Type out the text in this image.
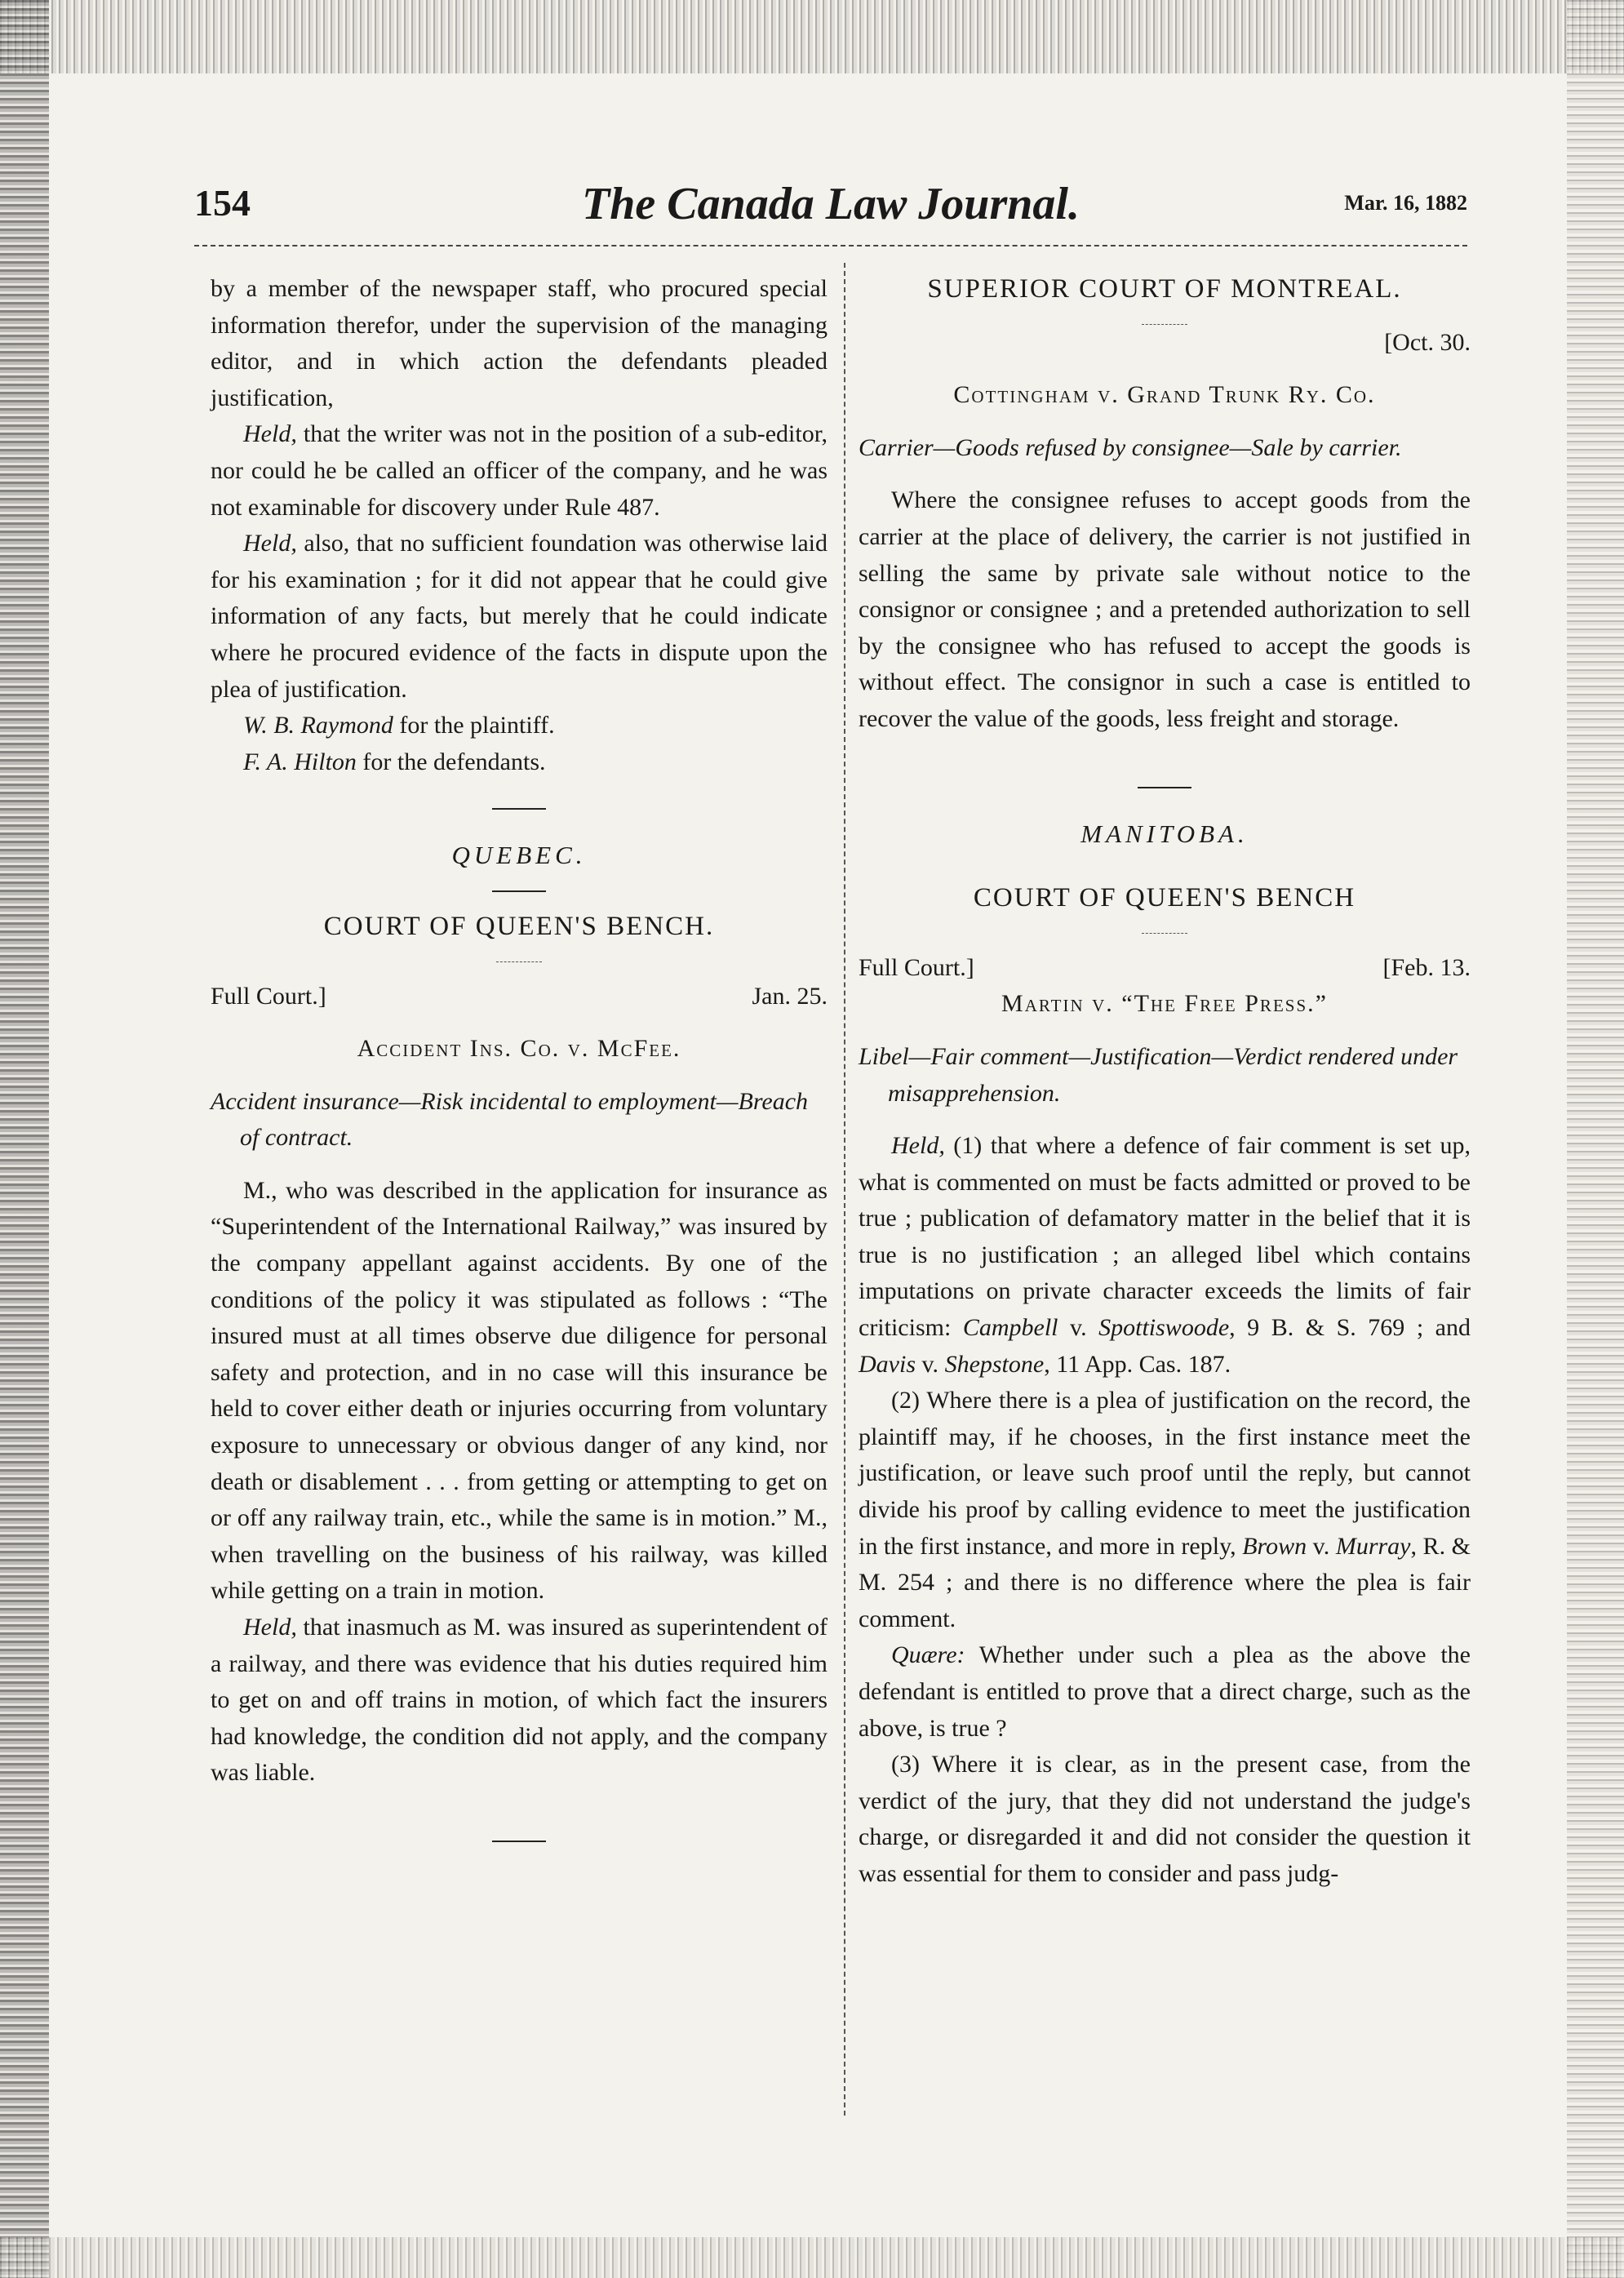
154	The Canada Law Journal.	Mar. 16, 1882

by a member of the newspaper staff, who procured special information therefor, under the supervision of the managing editor, and in which action the defendants pleaded justification,

Held, that the writer was not in the position of a sub-editor, nor could he be called an officer of the company, and he was not examinable for discovery under Rule 487.

Held, also, that no sufficient foundation was otherwise laid for his examination ; for it did not appear that he could give information of any facts, but merely that he could indicate where he procured evidence of the facts in dispute upon the plea of justification.

W. B. Raymond for the plaintiff.

F. A. Hilton for the defendants.

QUEBEC.

COURT OF QUEEN'S BENCH.

Full Court.]	Jan. 25.

Accident Ins. Co. v. McFee.

Accident insurance—Risk incidental to employment—Breach of contract.

M., who was described in the application for insurance as “Superintendent of the International Railway,” was insured by the company appellant against accidents. By one of the conditions of the policy it was stipulated as follows : “The insured must at all times observe due diligence for personal safety and protection, and in no case will this insurance be held to cover either death or injuries occurring from voluntary exposure to unnecessary or obvious danger of any kind, nor death or disablement . . . from getting or attempting to get on or off any railway train, etc., while the same is in motion.” M., when travelling on the business of his railway, was killed while getting on a train in motion.

Held, that inasmuch as M. was insured as superintendent of a railway, and there was evidence that his duties required him to get on and off trains in motion, of which fact the insurers had knowledge, the condition did not apply, and the company was liable.

SUPERIOR COURT OF MONTREAL.

[Oct. 30.

Cottingham v. Grand Trunk Ry. Co.

Carrier—Goods refused by consignee—Sale by carrier.

Where the consignee refuses to accept goods from the carrier at the place of delivery, the carrier is not justified in selling the same by private sale without notice to the consignor or consignee ; and a pretended authorization to sell by the consignee who has refused to accept the goods is without effect. The consignor in such a case is entitled to recover the value of the goods, less freight and storage.

MANITOBA.

COURT OF QUEEN'S BENCH

Full Court.]	[Feb. 13.

Martin v. “The Free Press.”

Libel—Fair comment—Justification—Verdict rendered under misapprehension.

Held, (1) that where a defence of fair comment is set up, what is commented on must be facts admitted or proved to be true ; publication of defamatory matter in the belief that it is true is no justification ; an alleged libel which contains imputations on private character exceeds the limits of fair criticism: Campbell v. Spottiswoode, 9 B. & S. 769 ; and Davis v. Shepstone, 11 App. Cas. 187.

(2) Where there is a plea of justification on the record, the plaintiff may, if he chooses, in the first instance meet the justification, or leave such proof until the reply, but cannot divide his proof by calling evidence to meet the justification in the first instance, and more in reply, Brown v. Murray, R. & M. 254 ; and there is no difference where the plea is fair comment.

Quære: Whether under such a plea as the above the defendant is entitled to prove that a direct charge, such as the above, is true ?

(3) Where it is clear, as in the present case, from the verdict of the jury, that they did not understand the judge's charge, or disregarded it and did not consider the question it was essential for them to consider and pass judg-
